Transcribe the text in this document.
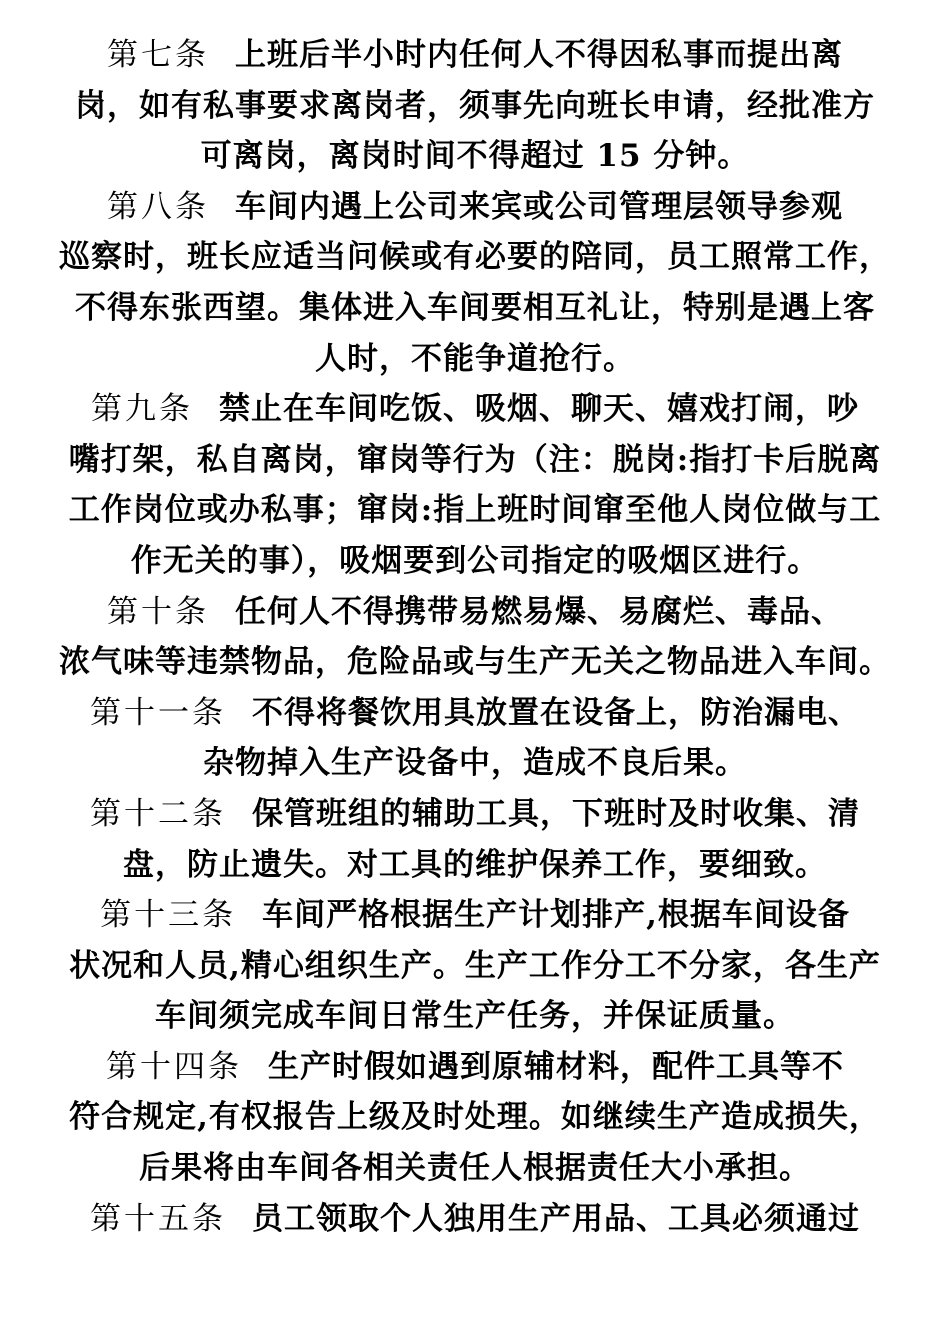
第七条 上班后半小时内任何人不得因私事而提出离
岗，如有私事要求离岗者，须事先向班长申请，经批准方
可离岗，离岗时间不得超过 15 分钟。

第八条 车间内遇上公司来宾或公司管理层领导参观
巡察时，班长应适当问候或有必要的陪同，员工照常工作，
不得东张西望。集体进入车间要相互礼让，特别是遇上客
人时，不能争道抢行。

第九条 禁止在车间吃饭、吸烟、聊天、嬉戏打闹，吵
嘴打架，私自离岗，窜岗等行为（注：脱岗:指打卡后脱离
工作岗位或办私事；窜岗:指上班时间窜至他人岗位做与工
作无关的事），吸烟要到公司指定的吸烟区进行。

第十条 任何人不得携带易燃易爆、易腐烂、毒品、
浓气味等违禁物品，危险品或与生产无关之物品进入车间。

第十一条 不得将餐饮用具放置在设备上，防治漏电、
杂物掉入生产设备中，造成不良后果。

第十二条 保管班组的辅助工具，下班时及时收集、清
盘，防止遗失。对工具的维护保养工作，要细致。

第十三条 车间严格根据生产计划排产,根据车间设备
状况和人员,精心组织生产。生产工作分工不分家，各生产
车间须完成车间日常生产任务，并保证质量。

第十四条 生产时假如遇到原辅材料，配件工具等不
符合规定,有权报告上级及时处理。如继续生产造成损失，
后果将由车间各相关责任人根据责任大小承担。

第十五条 员工领取个人独用生产用品、工具必须通过
